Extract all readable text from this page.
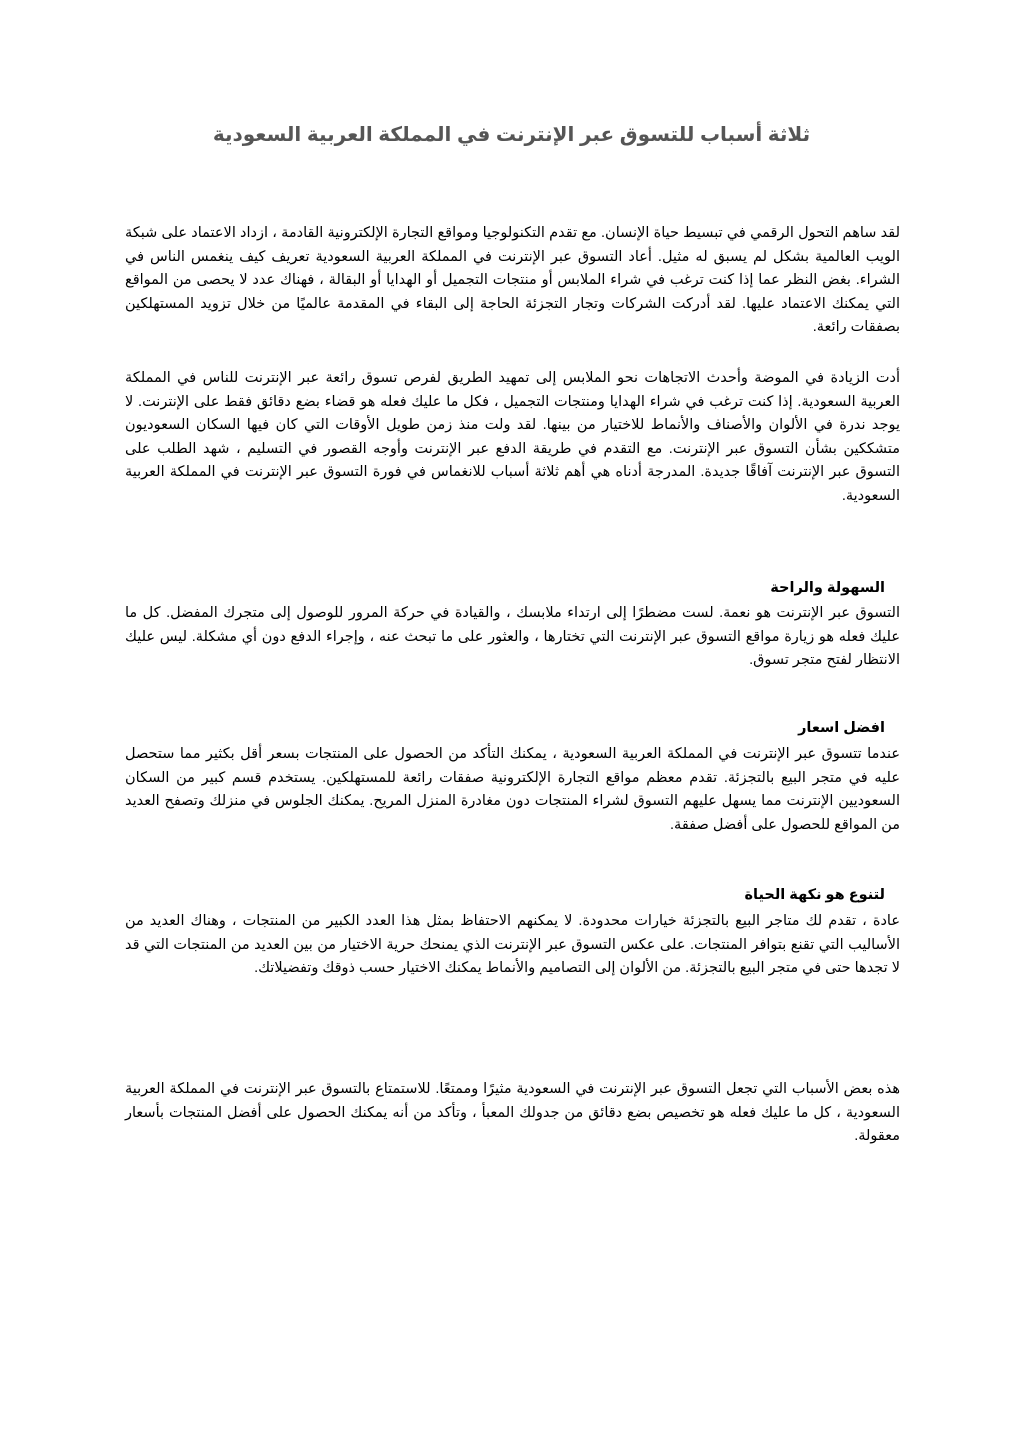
ثلاثة أسباب للتسوق عبر الإنترنت في المملكة العربية السعودية

لقد ساهم التحول الرقمي في تبسيط حياة الإنسان. مع تقدم التكنولوجيا ومواقع التجارة الإلكترونية القادمة ، ازداد الاعتماد على شبكة الويب العالمية بشكل لم يسبق له مثيل. أعاد التسوق عبر الإنترنت في المملكة العربية السعودية تعريف كيف ينغمس الناس في الشراء. بغض النظر عما إذا كنت ترغب في شراء الملابس أو منتجات التجميل أو الهدايا أو البقالة ، فهناك عدد لا يحصى من المواقع التي يمكنك الاعتماد عليها. لقد أدركت الشركات وتجار التجزئة الحاجة إلى البقاء في المقدمة عالميًا من خلال تزويد المستهلكين بصفقات رائعة.

أدت الزيادة في الموضة وأحدث الاتجاهات نحو الملابس إلى تمهيد الطريق لفرص تسوق رائعة عبر الإنترنت للناس في المملكة العربية السعودية. إذا كنت ترغب في شراء الهدايا ومنتجات التجميل ، فكل ما عليك فعله هو قضاء بضع دقائق فقط على الإنترنت. لا يوجد ندرة في الألوان والأصناف والأنماط للاختيار من بينها. لقد ولت منذ زمن طويل الأوقات التي كان فيها السكان السعوديون متشككين بشأن التسوق عبر الإنترنت. مع التقدم في طريقة الدفع عبر الإنترنت وأوجه القصور في التسليم ، شهد الطلب على التسوق عبر الإنترنت آفاقًا جديدة. المدرجة أدناه هي أهم ثلاثة أسباب للانغماس في فورة التسوق عبر الإنترنت في المملكة العربية السعودية.

السهولة والراحة

التسوق عبر الإنترنت هو نعمة. لست مضطرًا إلى ارتداء ملابسك ، والقيادة في حركة المرور للوصول إلى متجرك المفضل. كل ما عليك فعله هو زيارة مواقع التسوق عبر الإنترنت التي تختارها ، والعثور على ما تبحث عنه ، وإجراء الدفع دون أي مشكلة. ليس عليك الانتظار لفتح متجر تسوق.

افضل اسعار

عندما تتسوق عبر الإنترنت في المملكة العربية السعودية ، يمكنك التأكد من الحصول على المنتجات بسعر أقل بكثير مما ستحصل عليه في متجر البيع بالتجزئة. تقدم معظم مواقع التجارة الإلكترونية صفقات رائعة للمستهلكين. يستخدم قسم كبير من السكان السعوديين الإنترنت مما يسهل عليهم التسوق لشراء المنتجات دون مغادرة المنزل المريح. يمكنك الجلوس في منزلك وتصفح العديد من المواقع للحصول على أفضل صفقة.

لتنوع هو نكهة الحياة

عادة ، تقدم لك متاجر البيع بالتجزئة خيارات محدودة. لا يمكنهم الاحتفاظ بمثل هذا العدد الكبير من المنتجات ، وهناك العديد من الأساليب التي تقنع بتوافر المنتجات. على عكس التسوق عبر الإنترنت الذي يمنحك حرية الاختيار من بين العديد من المنتجات التي قد لا تجدها حتى في متجر البيع بالتجزئة. من الألوان إلى التصاميم والأنماط يمكنك الاختيار حسب ذوقك وتفضيلاتك.

هذه بعض الأسباب التي تجعل التسوق عبر الإنترنت في السعودية مثيرًا وممتعًا. للاستمتاع بالتسوق عبر الإنترنت في المملكة العربية السعودية ، كل ما عليك فعله هو تخصيص بضع دقائق من جدولك المعبأ ، وتأكد من أنه يمكنك الحصول على أفضل المنتجات بأسعار معقولة.
